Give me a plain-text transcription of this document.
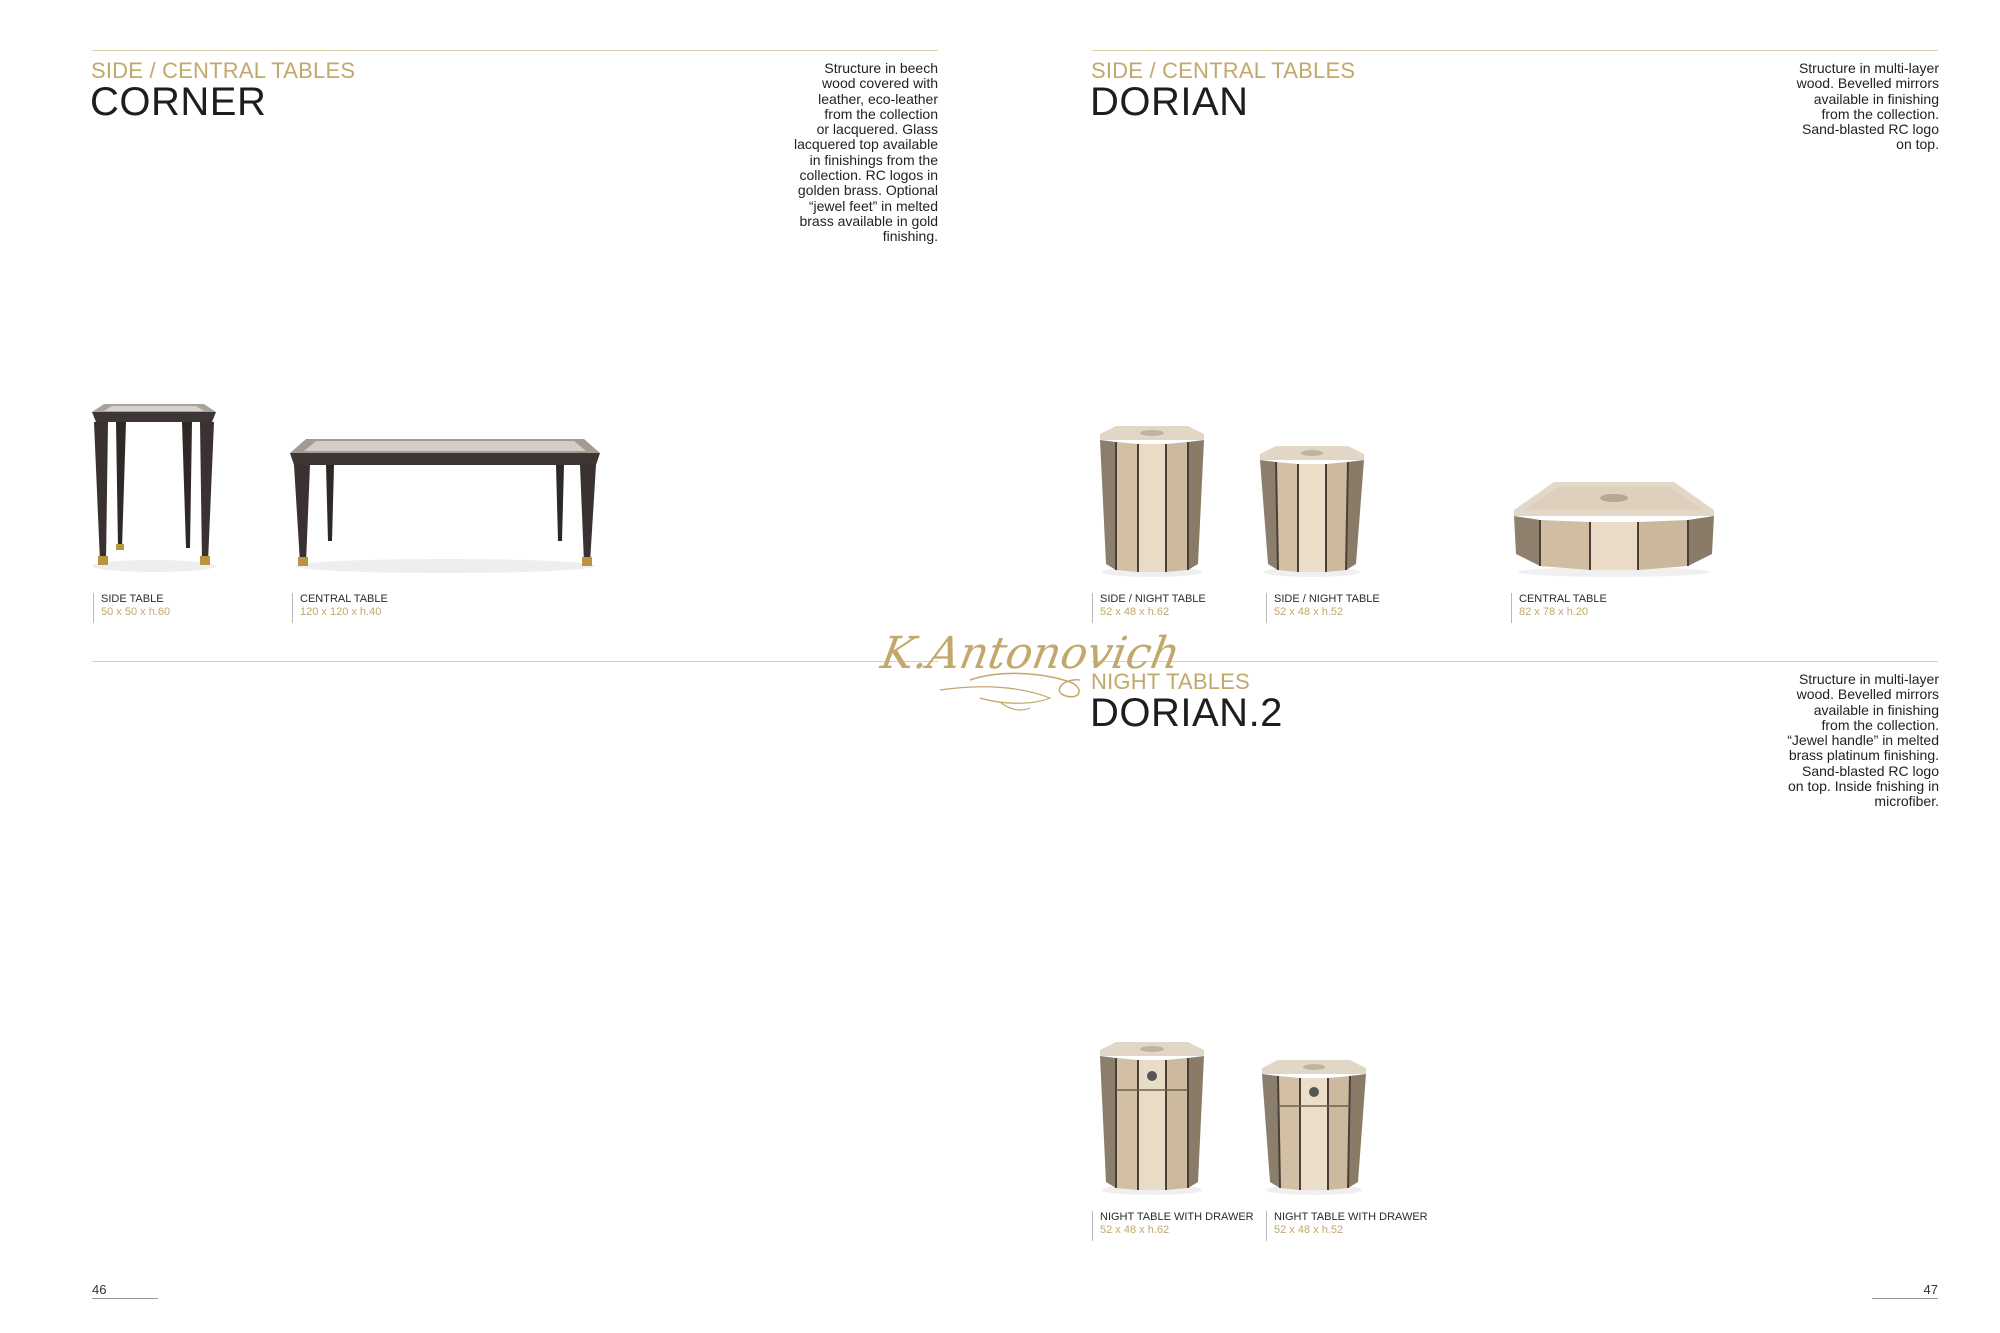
SIDE / CENTRAL TABLES
CORNER
Structure in beech
wood covered with
leather, eco-leather
from the collection
or lacquered. Glass
lacquered top available
in finishings from the
collection. RC logos in
golden brass. Optional
“jewel feet” in melted
brass available in gold
finishing.
SIDE TABLE
50 x 50 x h.60
CENTRAL TABLE
120 x 120 x h.40
SIDE / CENTRAL TABLES
DORIAN
Structure in multi-layer
wood. Bevelled mirrors
available in finishing
from the collection.
Sand-blasted RC logo
on top.
SIDE / NIGHT TABLE
52 x 48 x h.62
SIDE / NIGHT TABLE
52 x 48 x h.52
CENTRAL TABLE
82 x 78 x h.20
NIGHT TABLES
DORIAN.2
Structure in multi-layer
wood. Bevelled mirrors
available in finishing
from the collection.
“Jewel handle” in melted
brass platinum finishing.
Sand-blasted RC logo
on top. Inside fnishing in
microfiber.
NIGHT TABLE WITH DRAWER
52 x 48 x h.62
NIGHT TABLE WITH DRAWER
52 x 48 x h.52
K.Antonovich
46	47
